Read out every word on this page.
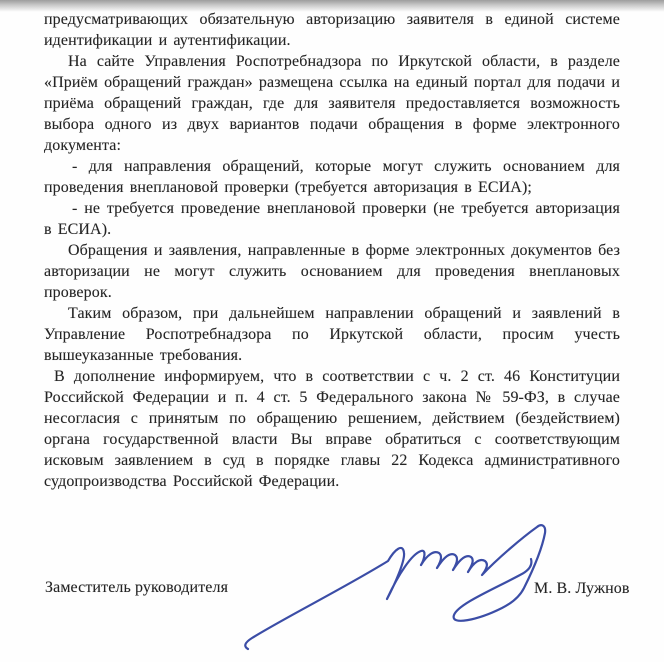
предусматривающих обязательную авторизацию заявителя в единой системе идентификации и аутентификации.

На сайте Управления Роспотребнадзора по Иркутской области, в разделе «Приём обращений граждан» размещена ссылка на единый портал для подачи и приёма обращений граждан, где для заявителя предоставляется возможность выбора одного из двух вариантов подачи обращения в форме электронного документа:

- для направления обращений, которые могут служить основанием для проведения внеплановой проверки (требуется авторизация в ЕСИА);

- не требуется проведение внеплановой проверки (не требуется авторизация в ЕСИА).

Обращения и заявления, направленные в форме электронных документов без авторизации не могут служить основанием для проведения внеплановых проверок.

Таким образом, при дальнейшем направлении обращений и заявлений в Управление Роспотребнадзора по Иркутской области, просим учесть вышеуказанные требования.

В дополнение информируем, что в соответствии с ч. 2 ст. 46 Конституции Российской Федерации и п. 4 ст. 5 Федерального закона № 59-ФЗ, в случае несогласия с принятым по обращению решением, действием (бездействием) органа государственной власти Вы вправе обратиться с соответствующим исковым заявлением в суд в порядке главы 22 Кодекса административного судопроизводства Российской Федерации.

Заместитель руководителя	М. В. Лужнов
